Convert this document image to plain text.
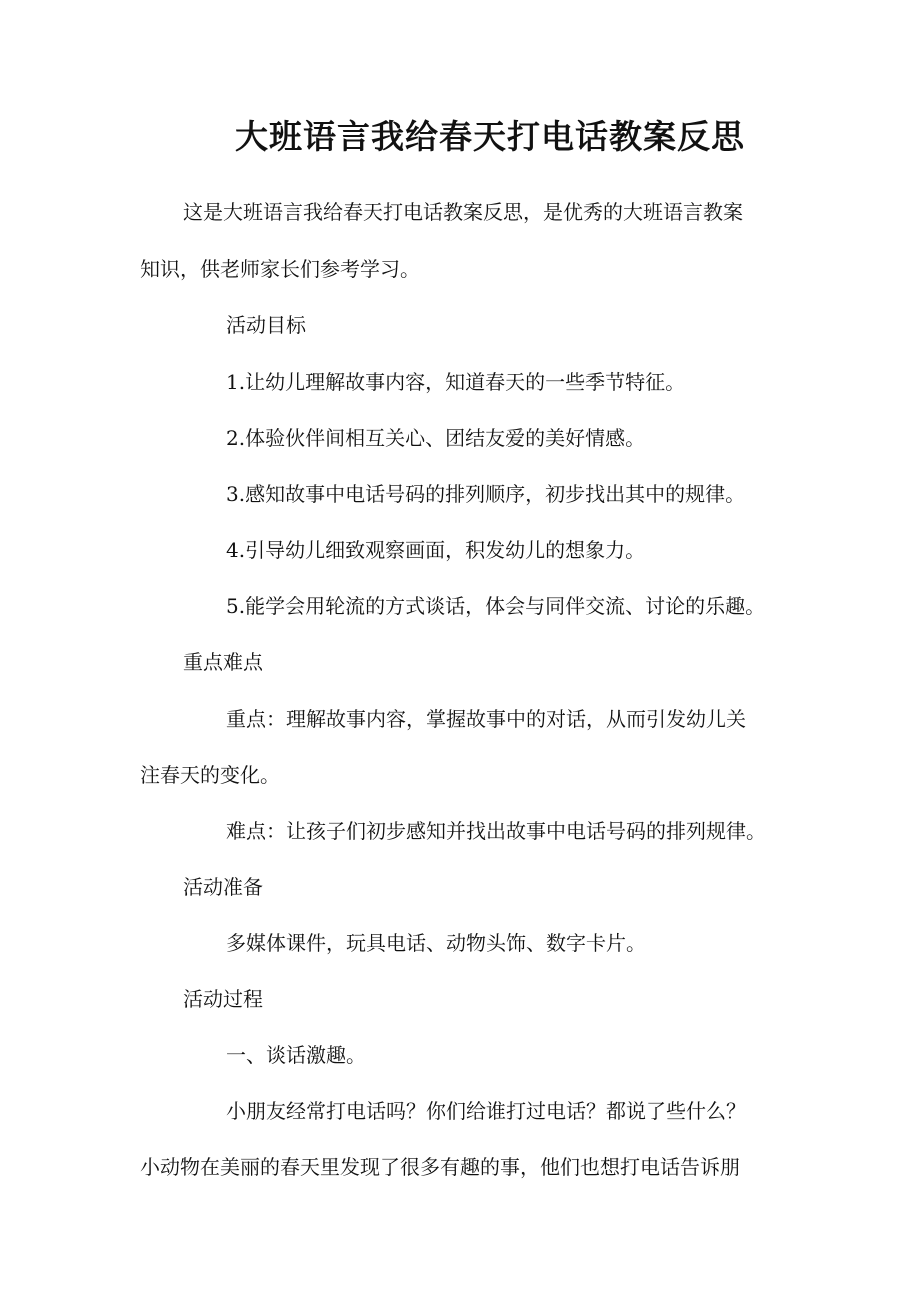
大班语言我给春天打电话教案反思
这是大班语言我给春天打电话教案反思，是优秀的大班语言教案
知识，供老师家长们参考学习。
活动目标
1.让幼儿理解故事内容，知道春天的一些季节特征。
2.体验伙伴间相互关心、团结友爱的美好情感。
3.感知故事中电话号码的排列顺序，初步找出其中的规律。
4.引导幼儿细致观察画面，积发幼儿的想象力。
5.能学会用轮流的方式谈话，体会与同伴交流、讨论的乐趣。
重点难点
重点：理解故事内容，掌握故事中的对话，从而引发幼儿关
注春天的变化。
难点：让孩子们初步感知并找出故事中电话号码的排列规律。
活动准备
多媒体课件，玩具电话、动物头饰、数字卡片。
活动过程
一、谈话激趣。
小朋友经常打电话吗？你们给谁打过电话？都说了些什么？
小动物在美丽的春天里发现了很多有趣的事，他们也想打电话告诉朋
